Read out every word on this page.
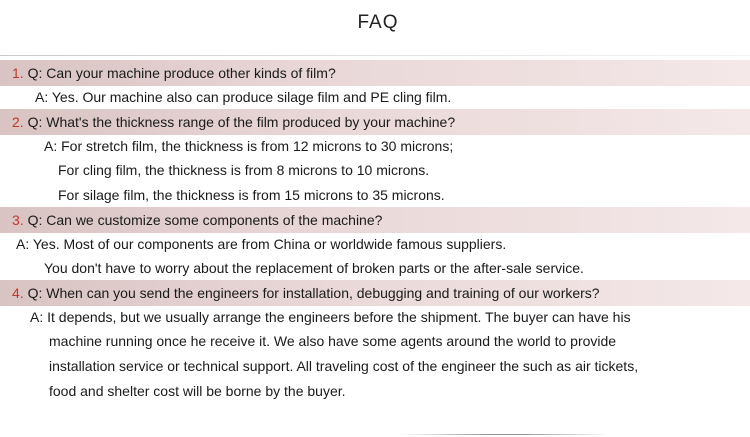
FAQ
1. Q: Can your machine produce other kinds of film?
A: Yes. Our machine also can produce silage film and PE cling film.
2. Q: What's the thickness range of the film produced by your machine?
A: For stretch film, the thickness is from 12 microns to 30 microns;
For cling film, the thickness is from 8 microns to 10 microns.
For silage film, the thickness is from 15 microns to 35 microns.
3. Q: Can we customize some components of the machine?
A: Yes. Most of our components are from China or worldwide famous suppliers.
You don't have to worry about the replacement of broken parts or the after-sale service.
4. Q: When can you send the engineers for installation, debugging and training of our workers?
A: It depends, but we usually arrange the engineers before the shipment. The buyer can have his
machine running once he receive it. We also have some agents around the world to provide
installation service or technical support. All traveling cost of the engineer the such as air tickets,
food and shelter cost will be borne by the buyer.
